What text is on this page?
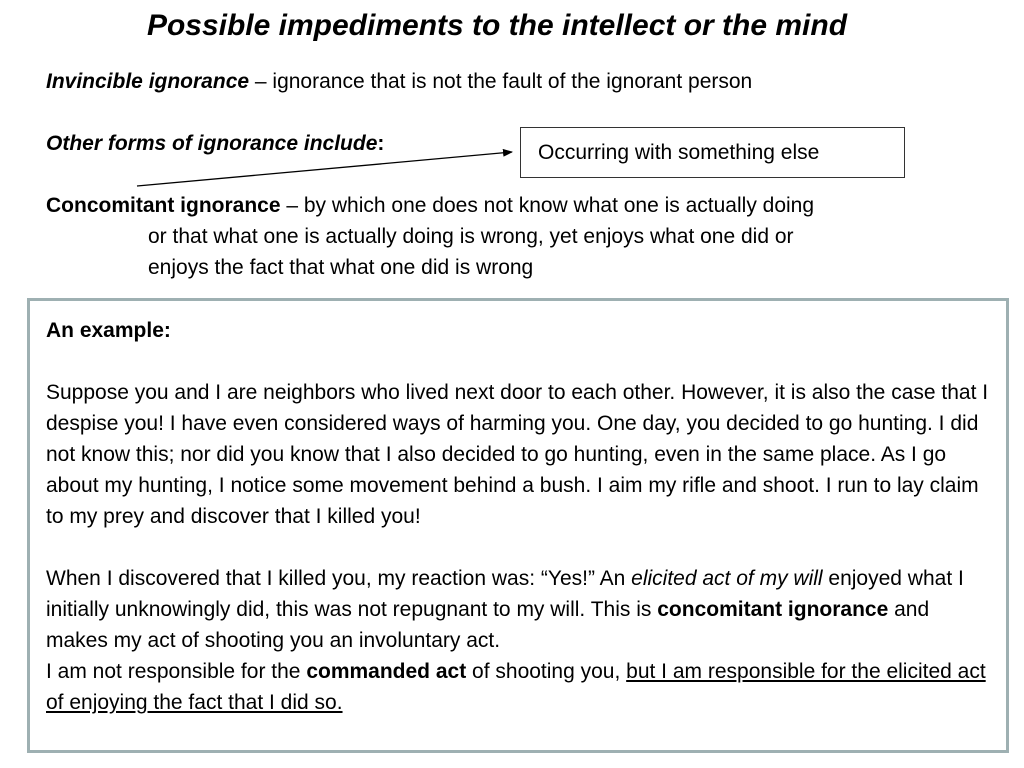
Possible impediments to the intellect or the mind
Invincible ignorance – ignorance that is not the fault of the ignorant person
Other forms of ignorance include:	Occurring with something else
Concomitant ignorance – by which one does not know what one is actually doing
or that what one is actually doing is wrong, yet enjoys what one did or
enjoys the fact that what one did is wrong

An example:

Suppose you and I are neighbors who lived next door to each other. However, it is also the case that I despise you! I have even considered ways of harming you. One day, you decided to go hunting. I did not know this; nor did you know that I also decided to go hunting, even in the same place. As I go about my hunting, I notice some movement behind a bush. I aim my rifle and shoot. I run to lay claim to my prey and discover that I killed you!

When I discovered that I killed you, my reaction was: “Yes!” An elicited act of my will enjoyed what I initially unknowingly did, this was not repugnant to my will. This is concomitant ignorance and makes my act of shooting you an involuntary act.

I am not responsible for the commanded act of shooting you, but I am responsible for the elicited act of enjoying the fact that I did so.
